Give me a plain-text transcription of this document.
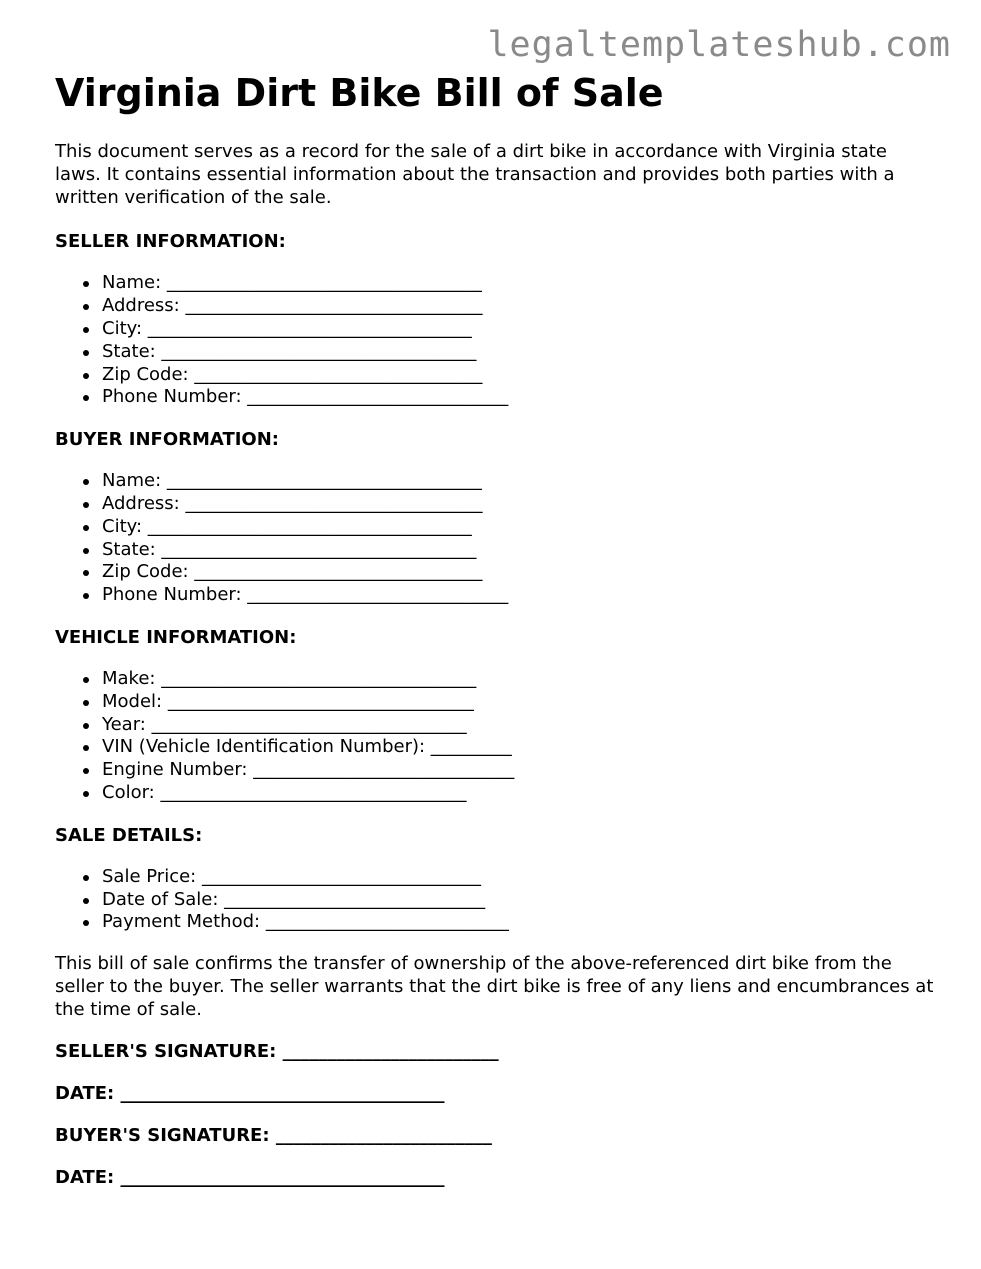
legaltemplateshub.com
Virginia Dirt Bike Bill of Sale

This document serves as a record for the sale of a dirt bike in accordance with Virginia state laws. It contains essential information about the transaction and provides both parties with a written verification of the sale.

SELLER INFORMATION:

Name: ___________________________________
Address: _________________________________
City: ____________________________________
State: ___________________________________
Zip Code: ________________________________
Phone Number: _____________________________

BUYER INFORMATION:

Name: ___________________________________
Address: _________________________________
City: ____________________________________
State: ___________________________________
Zip Code: ________________________________
Phone Number: _____________________________

VEHICLE INFORMATION:

Make: ___________________________________
Model: __________________________________
Year: ___________________________________
VIN (Vehicle Identification Number): _________
Engine Number: _____________________________
Color: __________________________________

SALE DETAILS:

Sale Price: _______________________________
Date of Sale: _____________________________
Payment Method: ___________________________

This bill of sale confirms the transfer of ownership of the above-referenced dirt bike from the seller to the buyer. The seller warrants that the dirt bike is free of any liens and encumbrances at the time of sale.

SELLER'S SIGNATURE: ________________________

DATE: ____________________________________

BUYER'S SIGNATURE: ________________________

DATE: ____________________________________
